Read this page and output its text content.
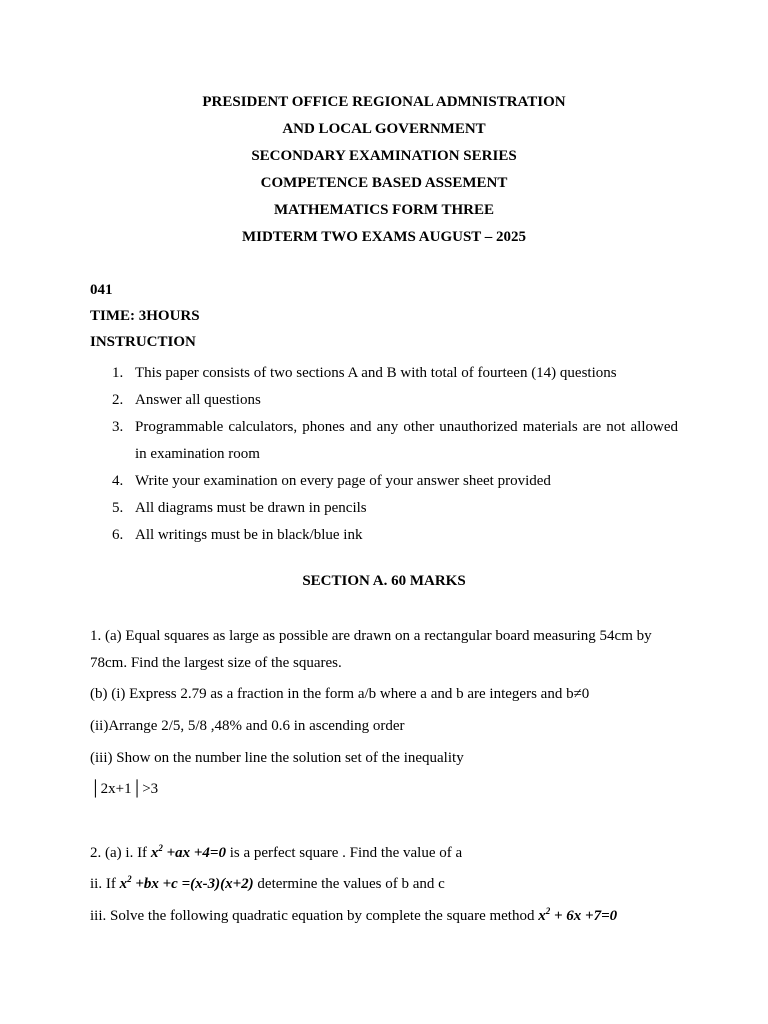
PRESIDENT OFFICE REGIONAL ADMNISTRATION
AND LOCAL GOVERNMENT
SECONDARY EXAMINATION SERIES
COMPETENCE BASED ASSEMENT
MATHEMATICS FORM THREE
MIDTERM TWO EXAMS AUGUST – 2025
041
TIME: 3HOURS
INSTRUCTION
1. This paper consists of two sections A and B with total of fourteen (14) questions
2. Answer all questions
3. Programmable calculators, phones and any other unauthorized materials are not allowed in examination room
4. Write your examination on every page of your answer sheet provided
5. All diagrams must be drawn in pencils
6. All writings must be in black/blue ink
SECTION A. 60 MARKS
1. (a) Equal squares as large as possible are drawn on a rectangular board measuring 54cm by 78cm. Find the largest size of the squares.
(b) (i) Express 2.79 as a fraction in the form a/b where a and b are integers and b≠0
(ii)Arrange 2/5, 5/8 ,48% and 0.6 in ascending order
(iii) Show on the number line the solution set of the inequality
│2x+1│>3
2. (a) i. If $x^2 +ax +4=0$ is a perfect square . Find the value of a
ii. If $x^2 +bx +c =(x-3)(x+2)$ determine the values of b and c
iii. Solve the following quadratic equation by complete the square method $x^2 + 6x +7=0$
